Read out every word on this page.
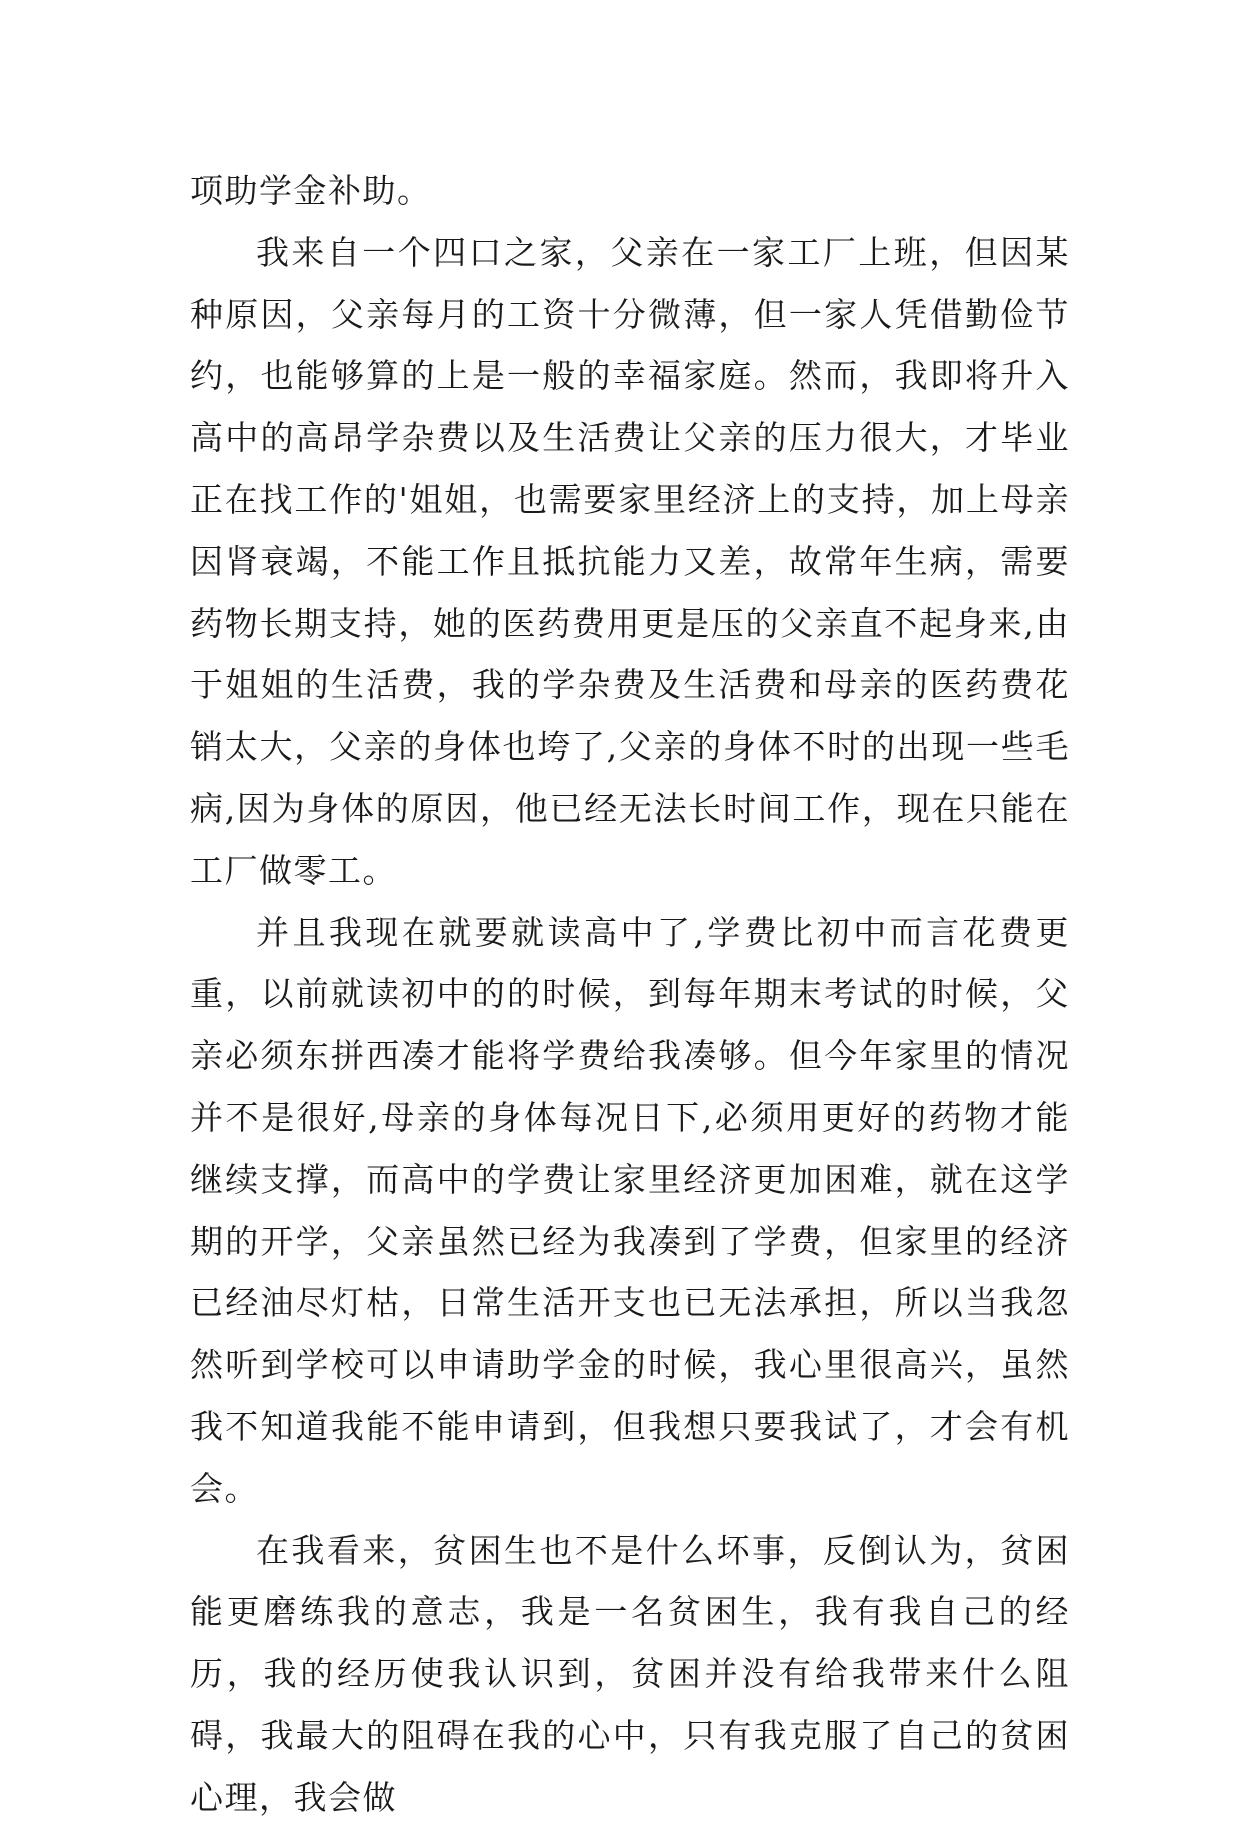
项助学金补助。

我来自一个四口之家，父亲在一家工厂上班，但因某种原因，父亲每月的工资十分微薄，但一家人凭借勤俭节约，也能够算的上是一般的幸福家庭。然而，我即将升入高中的高昂学杂费以及生活费让父亲的压力很大，才毕业正在找工作的'姐姐，也需要家里经济上的支持，加上母亲因肾衰竭，不能工作且抵抗能力又差，故常年生病，需要药物长期支持，她的医药费用更是压的父亲直不起身来,由于姐姐的生活费，我的学杂费及生活费和母亲的医药费花销太大，父亲的身体也垮了,父亲的身体不时的出现一些毛病,因为身体的原因，他已经无法长时间工作，现在只能在工厂做零工。

并且我现在就要就读高中了,学费比初中而言花费更重，以前就读初中的的时候，到每年期末考试的时候，父亲必须东拼西凑才能将学费给我凑够。但今年家里的情况并不是很好,母亲的身体每况日下,必须用更好的药物才能继续支撑，而高中的学费让家里经济更加困难，就在这学期的开学，父亲虽然已经为我凑到了学费，但家里的经济已经油尽灯枯，日常生活开支也已无法承担，所以当我忽然听到学校可以申请助学金的时候，我心里很高兴，虽然我不知道我能不能申请到，但我想只要我试了，才会有机会。

在我看来，贫困生也不是什么坏事，反倒认为，贫困能更磨练我的意志，我是一名贫困生，我有我自己的经历，我的经历使我认识到，贫困并没有给我带来什么阻碍，我最大的阻碍在我的心中，只有我克服了自己的贫困心理，我会做
